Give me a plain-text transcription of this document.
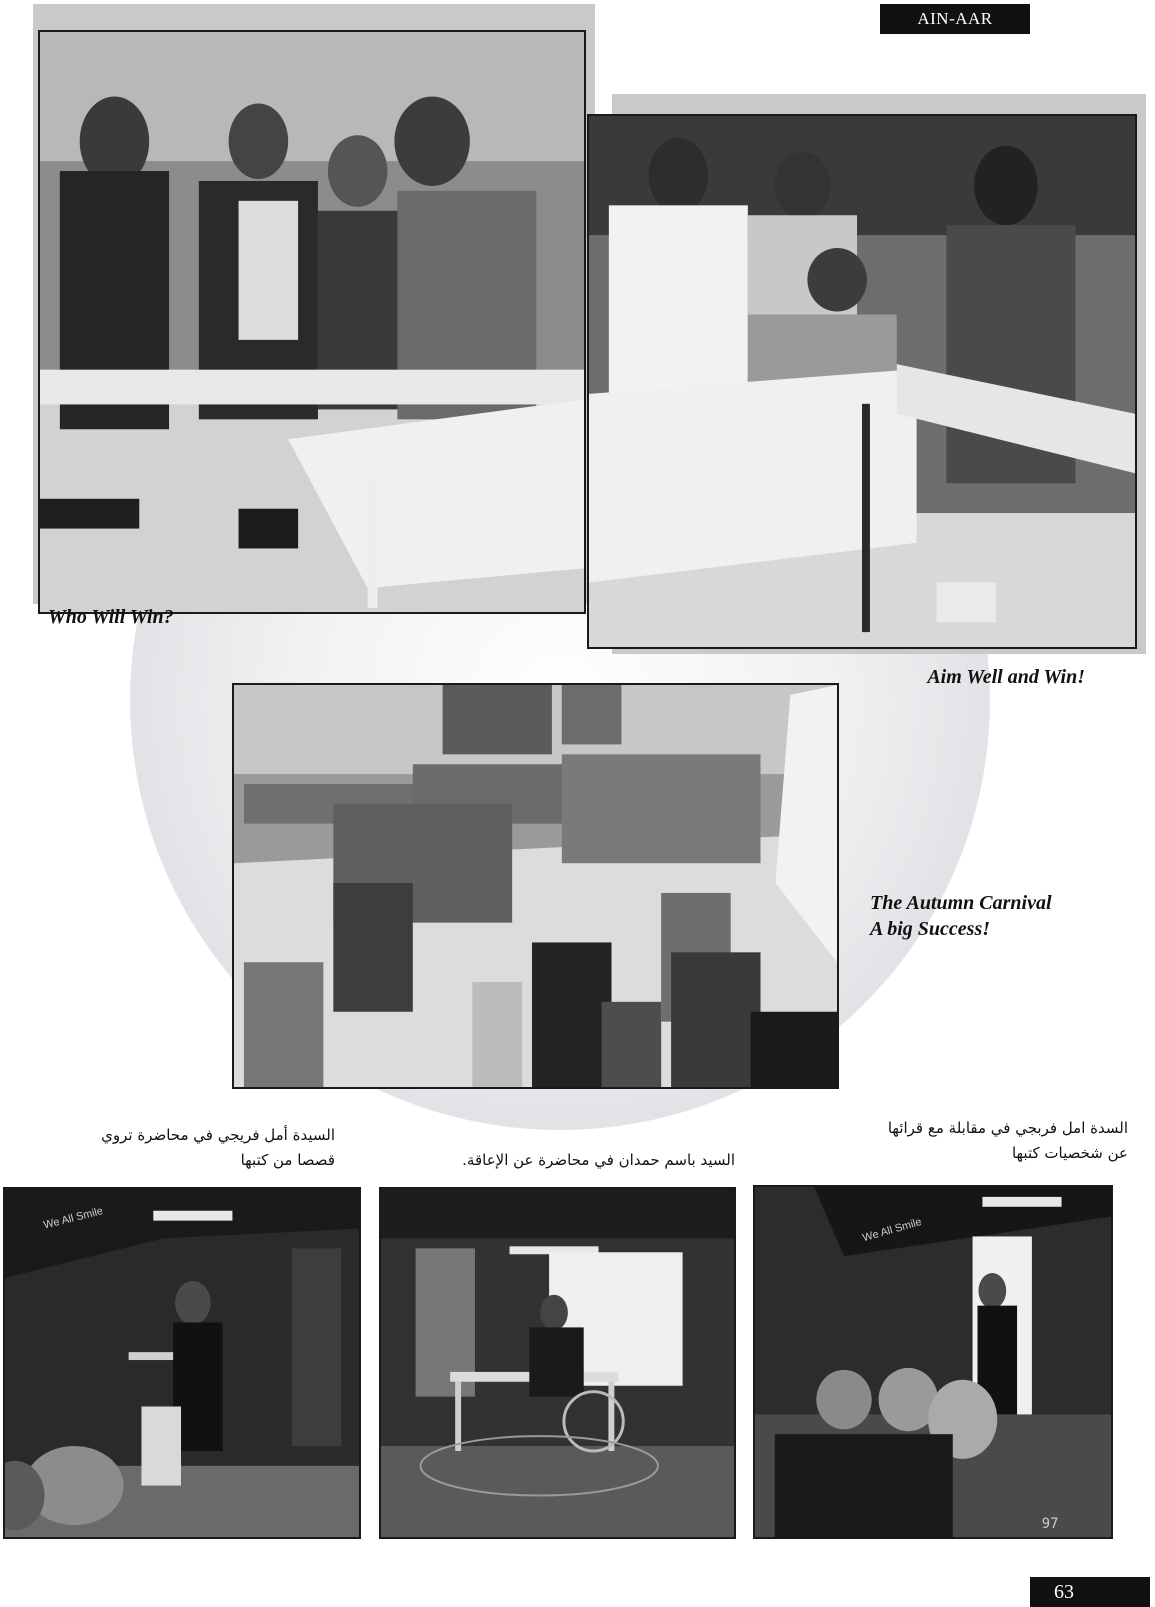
AIN-AAR
Who Will Win?
Aim Well and Win!
The Autumn Carnival
A big Success!
السيدة أمل فريجي في محاضرة تروي
قصصا من كتبها	السيد باسم حمدان في محاضرة عن الإعاقة.
السدة امل فربجي في مقابلة مع قرائها
عن شخصيات كتبها
We All Smile
97
We All Smile
63
